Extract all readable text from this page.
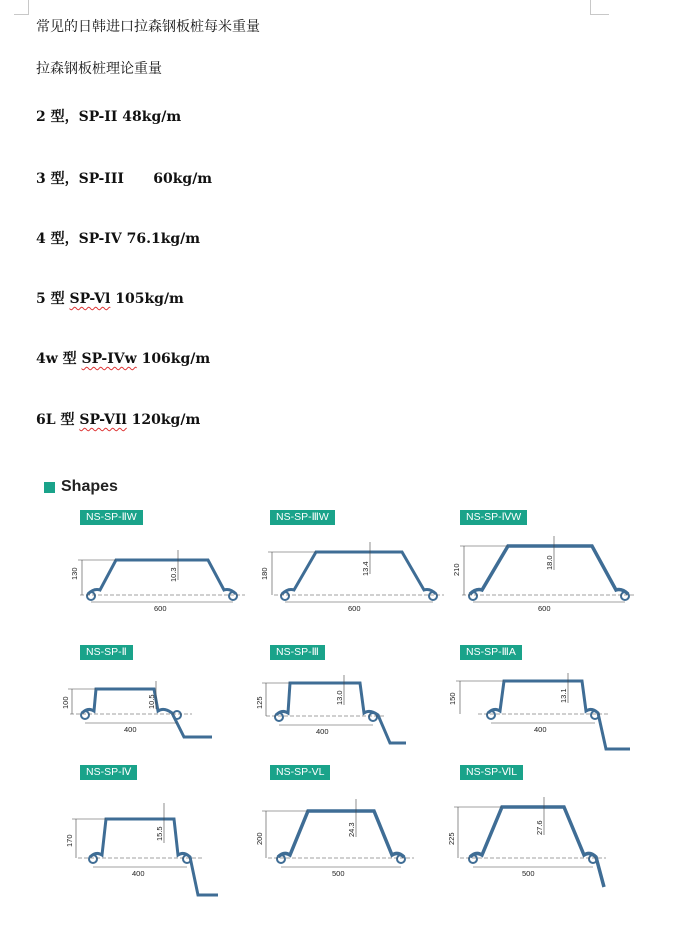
常见的日韩进口拉森钢板桩每米重量
拉森钢板桩理论重量
2 型，SP-II 48kg/m
3 型，SP-III 60kg/m
4 型，SP-IV 76.1kg/m
5 型 SP-Vl 105kg/m
4w 型 SP-IVw 106kg/m
6L 型 SP-VIl 120kg/m
Shapes
NS-SP-ⅡW
130	10.3
600
NS-SP-ⅢW
180	13.4
600
NS-SP-ⅣW
210	18.0
600
NS-SP-Ⅱ
100	10.5
400
NS-SP-Ⅲ
125	13.0
400
NS-SP-ⅢA
150	13.1
400
NS-SP-Ⅳ
170	15.5
400
NS-SP-VL
200
24.3
500
NS-SP-ⅥL
225
27.6
500
